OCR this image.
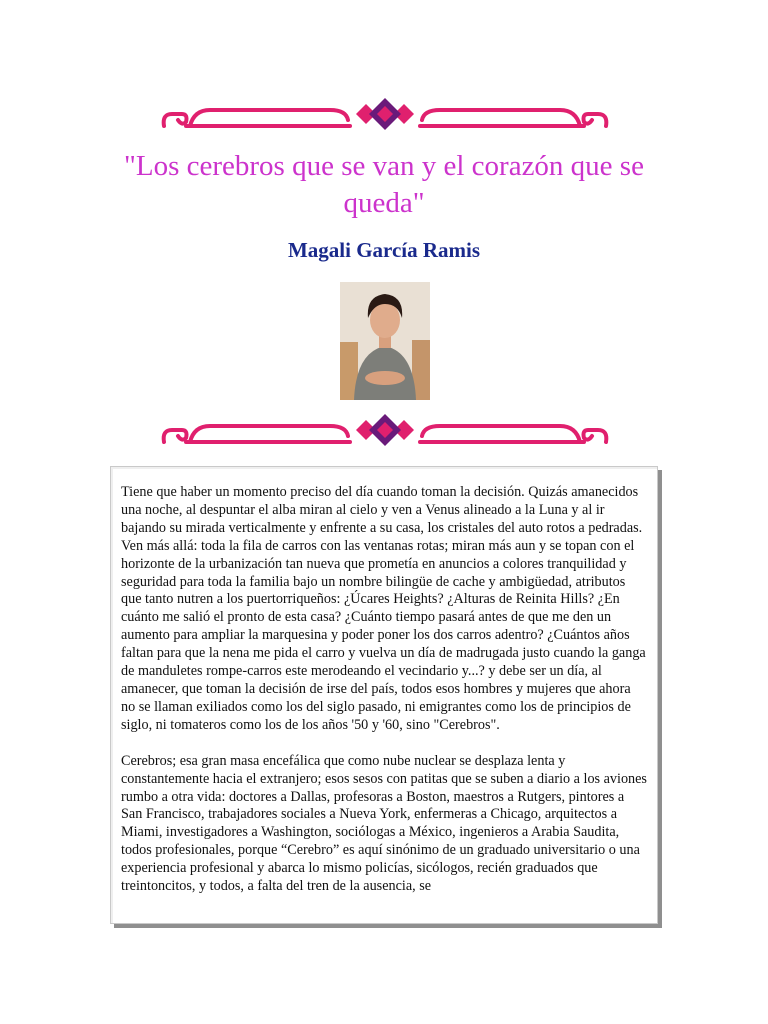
"Los cerebros que se van y el corazón que se queda"
Magali García Ramis

Tiene que haber un momento preciso del día cuando toman la decisión. Quizás amanecidos una noche, al despuntar el alba miran al cielo y ven a Venus alineado a la Luna y al ir bajando su mirada verticalmente y enfrente a su casa, los cristales del auto rotos a pedradas. Ven más allá: toda la fila de carros con las ventanas rotas; miran más aun y se topan con el horizonte de la urbanización tan nueva que prometía en anuncios a colores tranquilidad y seguridad para toda la familia bajo un nombre bilingüe de cache y ambigüedad, atributos que tanto nutren a los puertorriqueños: ¿Úcares Heights? ¿Alturas de Reinita Hills? ¿En cuánto me salió el pronto de esta casa? ¿Cuánto tiempo pasará antes de que me den un aumento para ampliar la marquesina y poder poner los dos carros adentro? ¿Cuántos años faltan para que la nena me pida el carro y vuelva un día de madrugada justo cuando la ganga de manduletes rompe-carros este merodeando el vecindario y...? y debe ser un día, al amanecer, que toman la decisión de irse del país, todos esos hombres y mujeres que ahora no se llaman exiliados como los del siglo pasado, ni emigrantes como los de principios de siglo, ni tomateros como los de los años '50 y '60, sino "Cerebros".

Cerebros; esa gran masa encefálica que como nube nuclear se desplaza lenta y constantemente hacia el extranjero; esos sesos con patitas que se suben a diario a los aviones rumbo a otra vida: doctores a Dallas, profesoras a Boston, maestros a Rutgers, pintores a San Francisco, trabajadores sociales a Nueva York, enfermeras a Chicago, arquitectos a Miami, investigadores a Washington, sociólogas a México, ingenieros a Arabia Saudita, todos profesionales, porque “Cerebro” es aquí sinónimo de un graduado universitario o una experiencia profesional y abarca lo mismo policías, sicólogos, recién graduados que treintoncitos, y todos, a falta del tren de la ausencia, se
